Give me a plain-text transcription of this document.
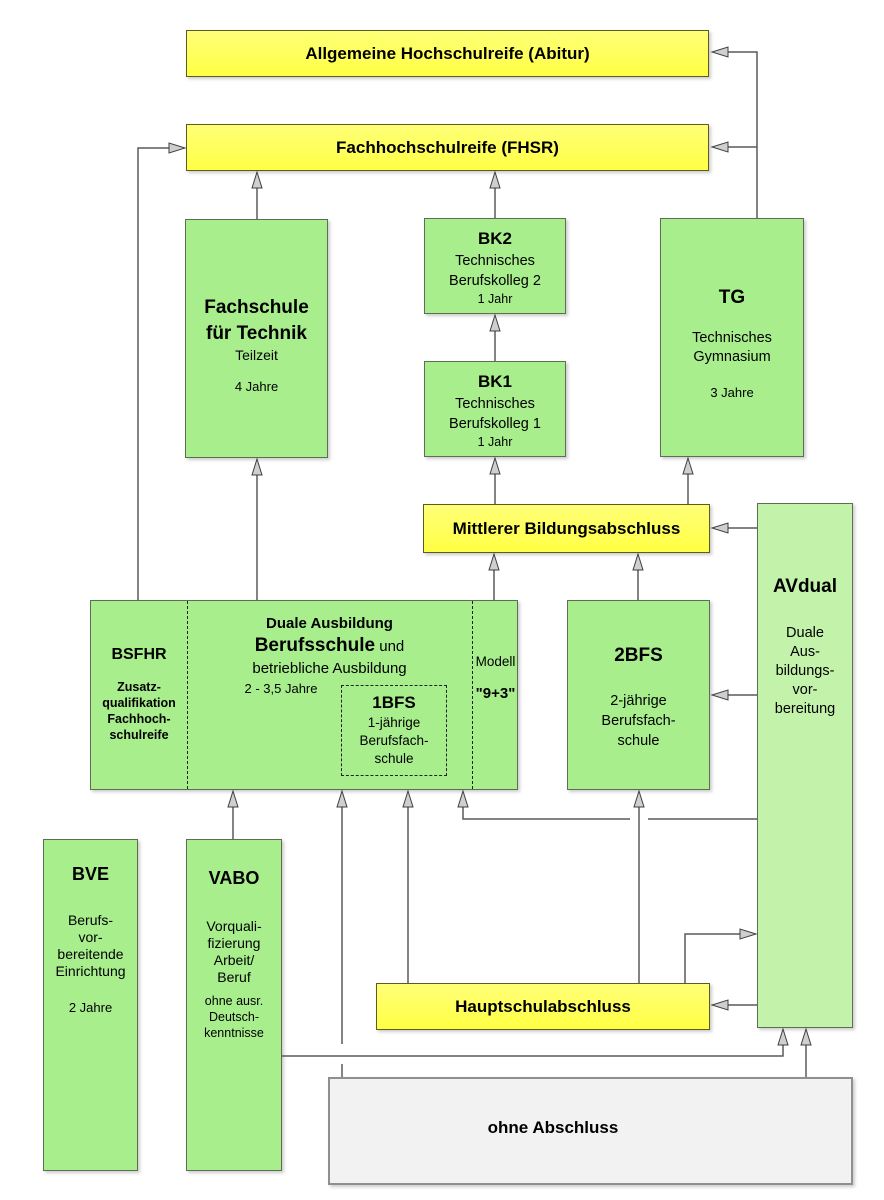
Allgemeine Hochschulreife (Abitur)
Fachhochschulreife (FHSR)
Fachschule
für Technik
Teilzeit
4 Jahre
BK2
Technisches
Berufskolleg 2
1 Jahr
BK1
Technisches
Berufskolleg 1
1 Jahr
TG
Technisches
Gymnasium
3 Jahre
Mittlerer Bildungsabschluss
BSFHR
Zusatz-
qualifikation
Fachhoch-
schulreife
Duale Ausbildung
Berufsschule und
betriebliche Ausbildung
2 - 3,5 Jahre
1BFS
1-jährige
Berufsfach-
schule
Modell
"9+3"
2BFS
2-jährige
Berufsfach-
schule
AVdual
Duale
Aus-
bildungs-
vor-
bereitung
BVE
Berufs-
vor-
bereitende
Einrichtung
2 Jahre
VABO
Vorquali-
fizierung
Arbeit/
Beruf
ohne ausr.
Deutsch-
kenntnisse
Hauptschulabschluss
ohne Abschluss
